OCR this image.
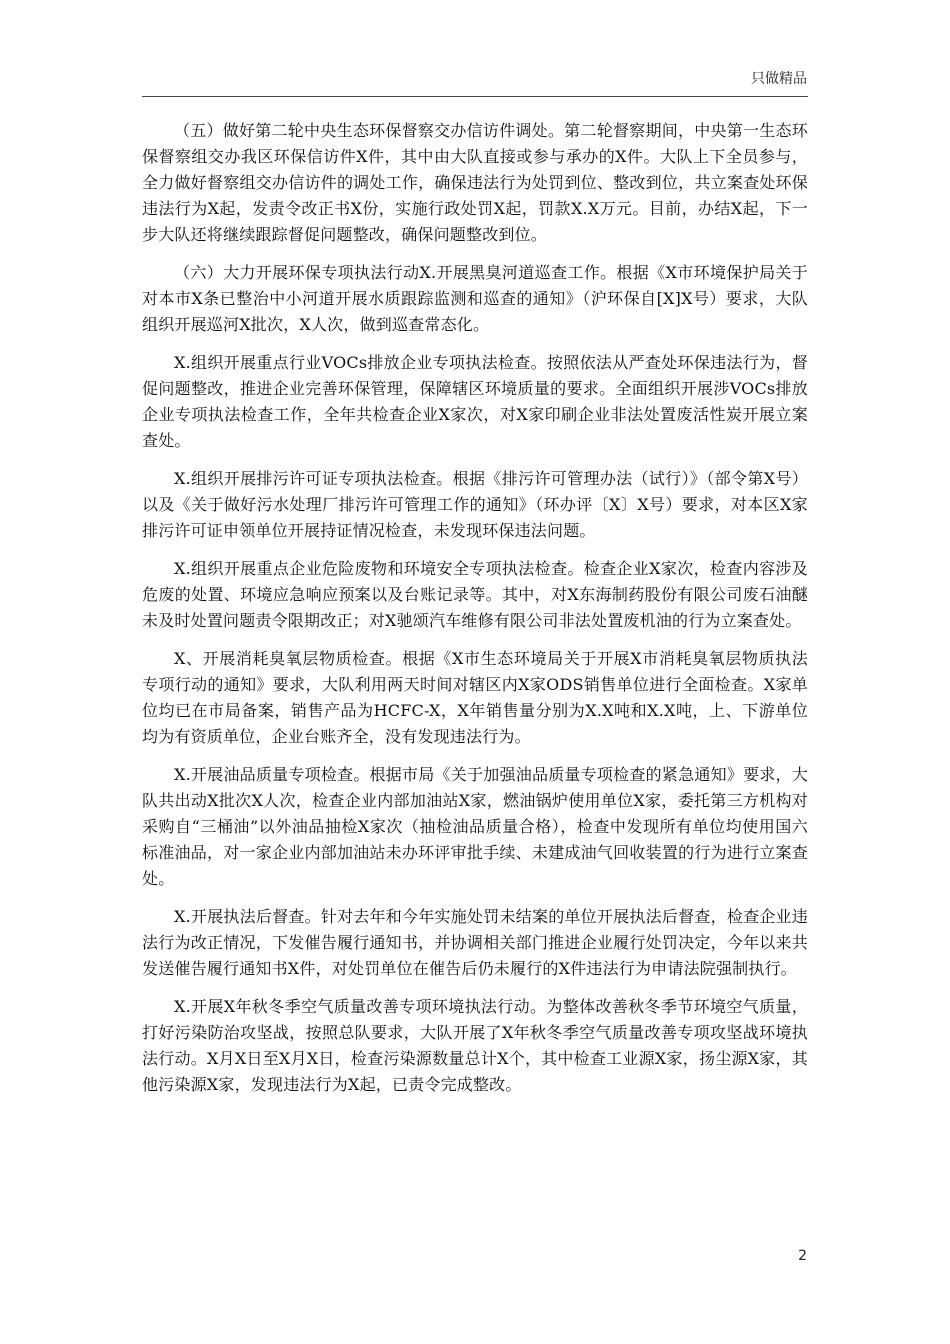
只做精品

（五）做好第二轮中央生态环保督察交办信访件调处。第二轮督察期间，中央第一生态环保督察组交办我区环保信访件X件，其中由大队直接或参与承办的X件。大队上下全员参与，全力做好督察组交办信访件的调处工作，确保违法行为处罚到位、整改到位，共立案查处环保违法行为X起，发责令改正书X份，实施行政处罚X起，罚款X.X万元。目前，办结X起，下一步大队还将继续跟踪督促问题整改，确保问题整改到位。

（六）大力开展环保专项执法行动X.开展黑臭河道巡查工作。根据《X市环境保护局关于对本市X条已整治中小河道开展水质跟踪监测和巡查的通知》（沪环保自[X]X号）要求，大队组织开展巡河X批次，X人次，做到巡查常态化。

X.组织开展重点行业VOCs排放企业专项执法检查。按照依法从严查处环保违法行为，督促问题整改，推进企业完善环保管理，保障辖区环境质量的要求。全面组织开展涉VOCs排放企业专项执法检查工作，全年共检查企业X家次，对X家印刷企业非法处置废活性炭开展立案查处。

X.组织开展排污许可证专项执法检查。根据《排污许可管理办法（试行）》（部令第X号）以及《关于做好污水处理厂排污许可管理工作的通知》（环办评〔X〕X号）要求，对本区X家排污许可证申领单位开展持证情况检查，未发现环保违法问题。

X.组织开展重点企业危险废物和环境安全专项执法检查。检查企业X家次，检查内容涉及危废的处置、环境应急响应预案以及台账记录等。其中，对X东海制药股份有限公司废石油醚未及时处置问题责令限期改正；对X驰颂汽车维修有限公司非法处置废机油的行为立案查处。

X、开展消耗臭氧层物质检查。根据《X市生态环境局关于开展X市消耗臭氧层物质执法专项行动的通知》要求，大队利用两天时间对辖区内X家ODS销售单位进行全面检查。X家单位均已在市局备案，销售产品为HCFC-X，X年销售量分别为X.X吨和X.X吨，上、下游单位均为有资质单位，企业台账齐全，没有发现违法行为。

X.开展油品质量专项检查。根据市局《关于加强油品质量专项检查的紧急通知》要求，大队共出动X批次X人次，检查企业内部加油站X家，燃油锅炉使用单位X家，委托第三方机构对采购自“三桶油”以外油品抽检X家次（抽检油品质量合格），检查中发现所有单位均使用国六标准油品，对一家企业内部加油站未办环评审批手续、未建成油气回收装置的行为进行立案查处。

X.开展执法后督查。针对去年和今年实施处罚未结案的单位开展执法后督查，检查企业违法行为改正情况，下发催告履行通知书，并协调相关部门推进企业履行处罚决定，今年以来共发送催告履行通知书X件，对处罚单位在催告后仍未履行的X件违法行为申请法院强制执行。

X.开展X年秋冬季空气质量改善专项环境执法行动。为整体改善秋冬季节环境空气质量，打好污染防治攻坚战，按照总队要求，大队开展了X年秋冬季空气质量改善专项攻坚战环境执法行动。X月X日至X月X日，检查污染源数量总计X个，其中检查工业源X家，扬尘源X家，其他污染源X家，发现违法行为X起，已责令完成整改。

2
